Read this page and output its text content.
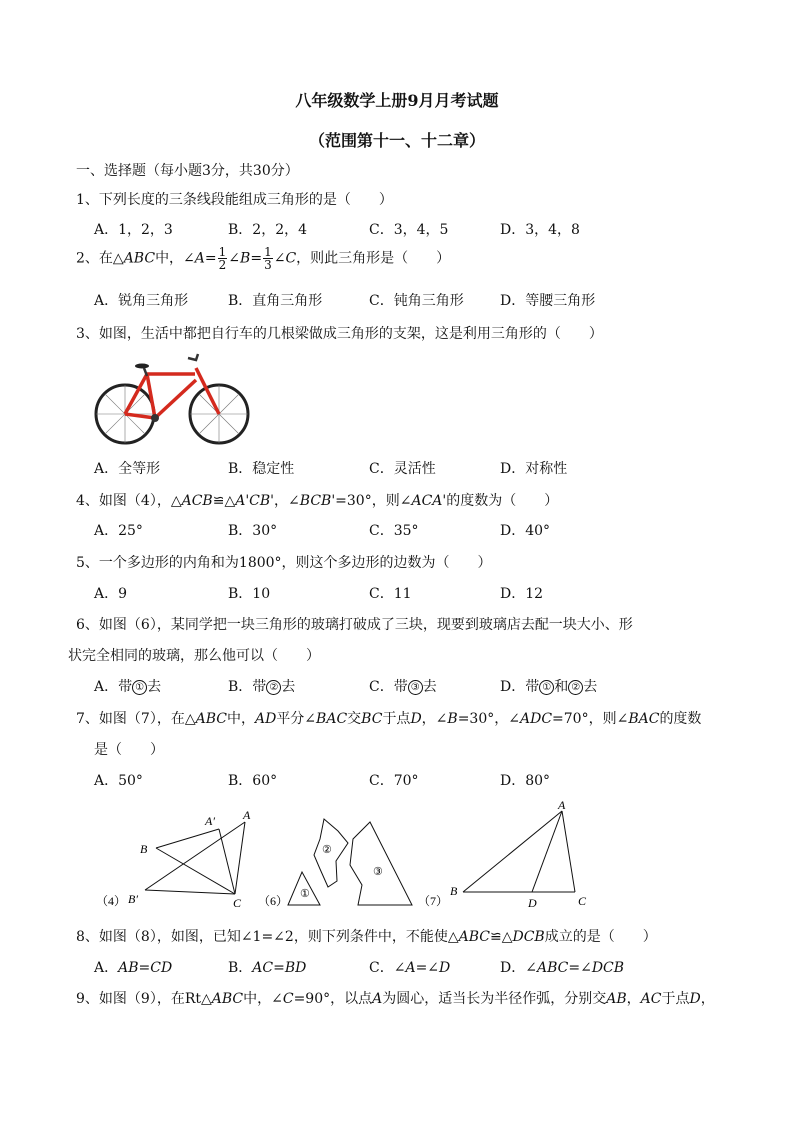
八年级数学上册9月月考试题
（范围第十一、十二章）
一、选择题（每小题3分，共30分）
1、下列长度的三条线段能组成三角形的是（　　）
A．1，2，3	B．2，2，4	C．3，4，5	D．3，4，8
2、在△ABC中，∠A= $\frac{1}{2}$ ∠B= $\frac{1}{3}$ ∠C，则此三角形是（　　）
A．锐角三角形	B．直角三角形	C．钝角三角形	D．等腰三角形
3、如图，生活中都把自行车的几根梁做成三角形的支架，这是利用三角形的（　　）
A．全等形	B．稳定性	C．灵活性	D．对称性
4、如图（4），△ACB≌△A'CB'，∠BCB'=30°，则∠ACA'的度数为（　　）
A．25°	B．30°	C．35°	D．40°
5、一个多边形的内角和为1800°，则这个多边形的边数为（　　）
A．9	B．10	C．11	D．12
6、如图（6），某同学把一块三角形的玻璃打破成了三块，现要到玻璃店去配一块大小、形
状完全相同的玻璃，那么他可以（　　）
A．带 ① 去	B．带 ② 去	C．带 ③ 去	D．带 ① 和 ② 去
7、如图（7），在△ABC中，AD平分∠BAC交BC于点D，∠B=30°，∠ADC=70°，则∠BAC的度数
是（　　）
A．50°	B．60°	C．70°	D．80°
A′ A
B
B′	C
（4）	①
②
③
（6）
A
B
C
D
（7）
8、如图（8），如图，已知∠1=∠2，则下列条件中，不能使△ABC≌△DCB成立的是（　　）
A．AB=CD	B．AC=BD	C．∠A=∠D	D．∠ABC=∠DCB
9、如图（9），在Rt△ABC中，∠C=90°，以点A为圆心，适当长为半径作弧，分别交AB，AC于点D，
